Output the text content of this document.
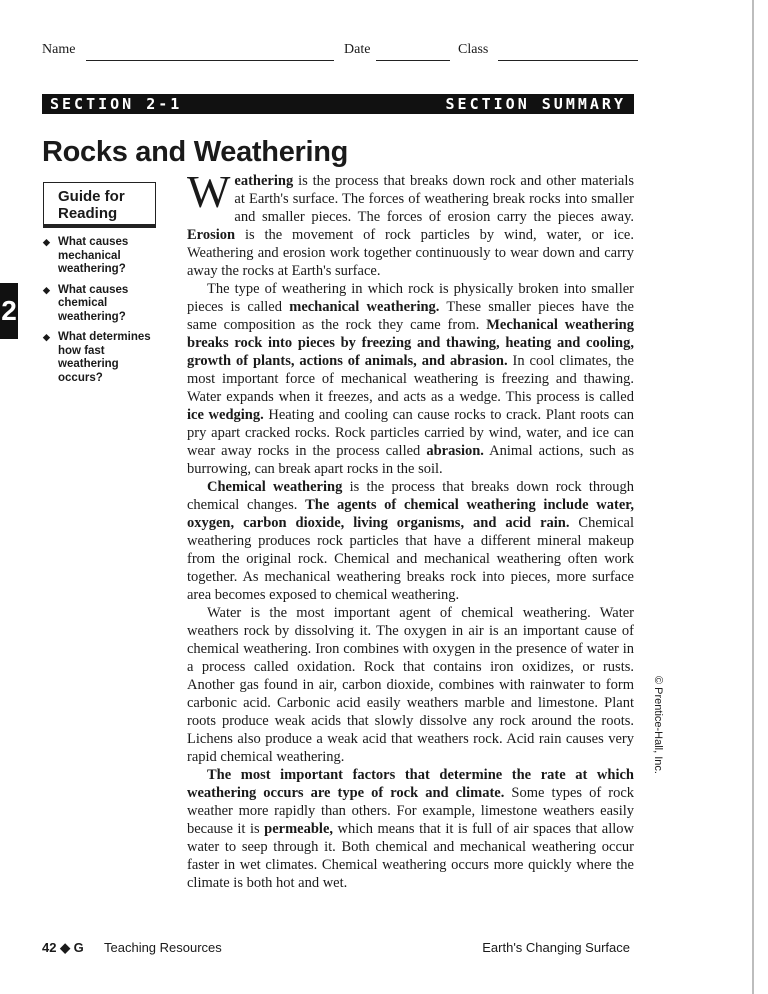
Name	Date	Class
SECTION 2-1	SECTION SUMMARY
Rocks and Weathering
2
Guide for
Reading
◆ What causes mechanical weathering?
◆ What causes chemical weathering?
◆ What determines how fast weathering occurs?

Weathering is the process that breaks down rock and other materials at Earth's surface. The forces of weathering break rocks into smaller and smaller pieces. The forces of erosion carry the pieces away. Erosion is the movement of rock particles by wind, water, or ice. Weathering and erosion work together continuously to wear down and carry away the rocks at Earth's surface.

The type of weathering in which rock is physically broken into smaller pieces is called mechanical weathering. These smaller pieces have the same composition as the rock they came from. Mechanical weathering breaks rock into pieces by freezing and thawing, heating and cooling, growth of plants, actions of animals, and abrasion. In cool climates, the most important force of mechanical weathering is freezing and thawing. Water expands when it freezes, and acts as a wedge. This process is called ice wedging. Heating and cooling can cause rocks to crack. Plant roots can pry apart cracked rocks. Rock particles carried by wind, water, and ice can wear away rocks in the process called abrasion. Animal actions, such as burrowing, can break apart rocks in the soil.

Chemical weathering is the process that breaks down rock through chemical changes. The agents of chemical weathering include water, oxygen, carbon dioxide, living organisms, and acid rain. Chemical weathering produces rock particles that have a different mineral makeup from the original rock. Chemical and mechanical weathering often work together. As mechanical weathering breaks rock into pieces, more surface area becomes exposed to chemical weathering.

Water is the most important agent of chemical weathering. Water weathers rock by dissolving it. The oxygen in air is an important cause of chemical weathering. Iron combines with oxygen in the presence of water in a process called oxidation. Rock that contains iron oxidizes, or rusts. Another gas found in air, carbon dioxide, combines with rainwater to form carbonic acid. Carbonic acid easily weathers marble and limestone. Plant roots produce weak acids that slowly dissolve any rock around the roots. Lichens also produce a weak acid that weathers rock. Acid rain causes very rapid chemical weathering.

The most important factors that determine the rate at which weathering occurs are type of rock and climate. Some types of rock weather more rapidly than others. For example, limestone weathers easily because it is permeable, which means that it is full of air spaces that allow water to seep through it. Both chemical and mechanical weathering occur faster in wet climates. Chemical weathering occurs more quickly where the climate is both hot and wet.

© Prentice-Hall, Inc.
42 ◆ G Teaching Resources	Earth's Changing Surface
